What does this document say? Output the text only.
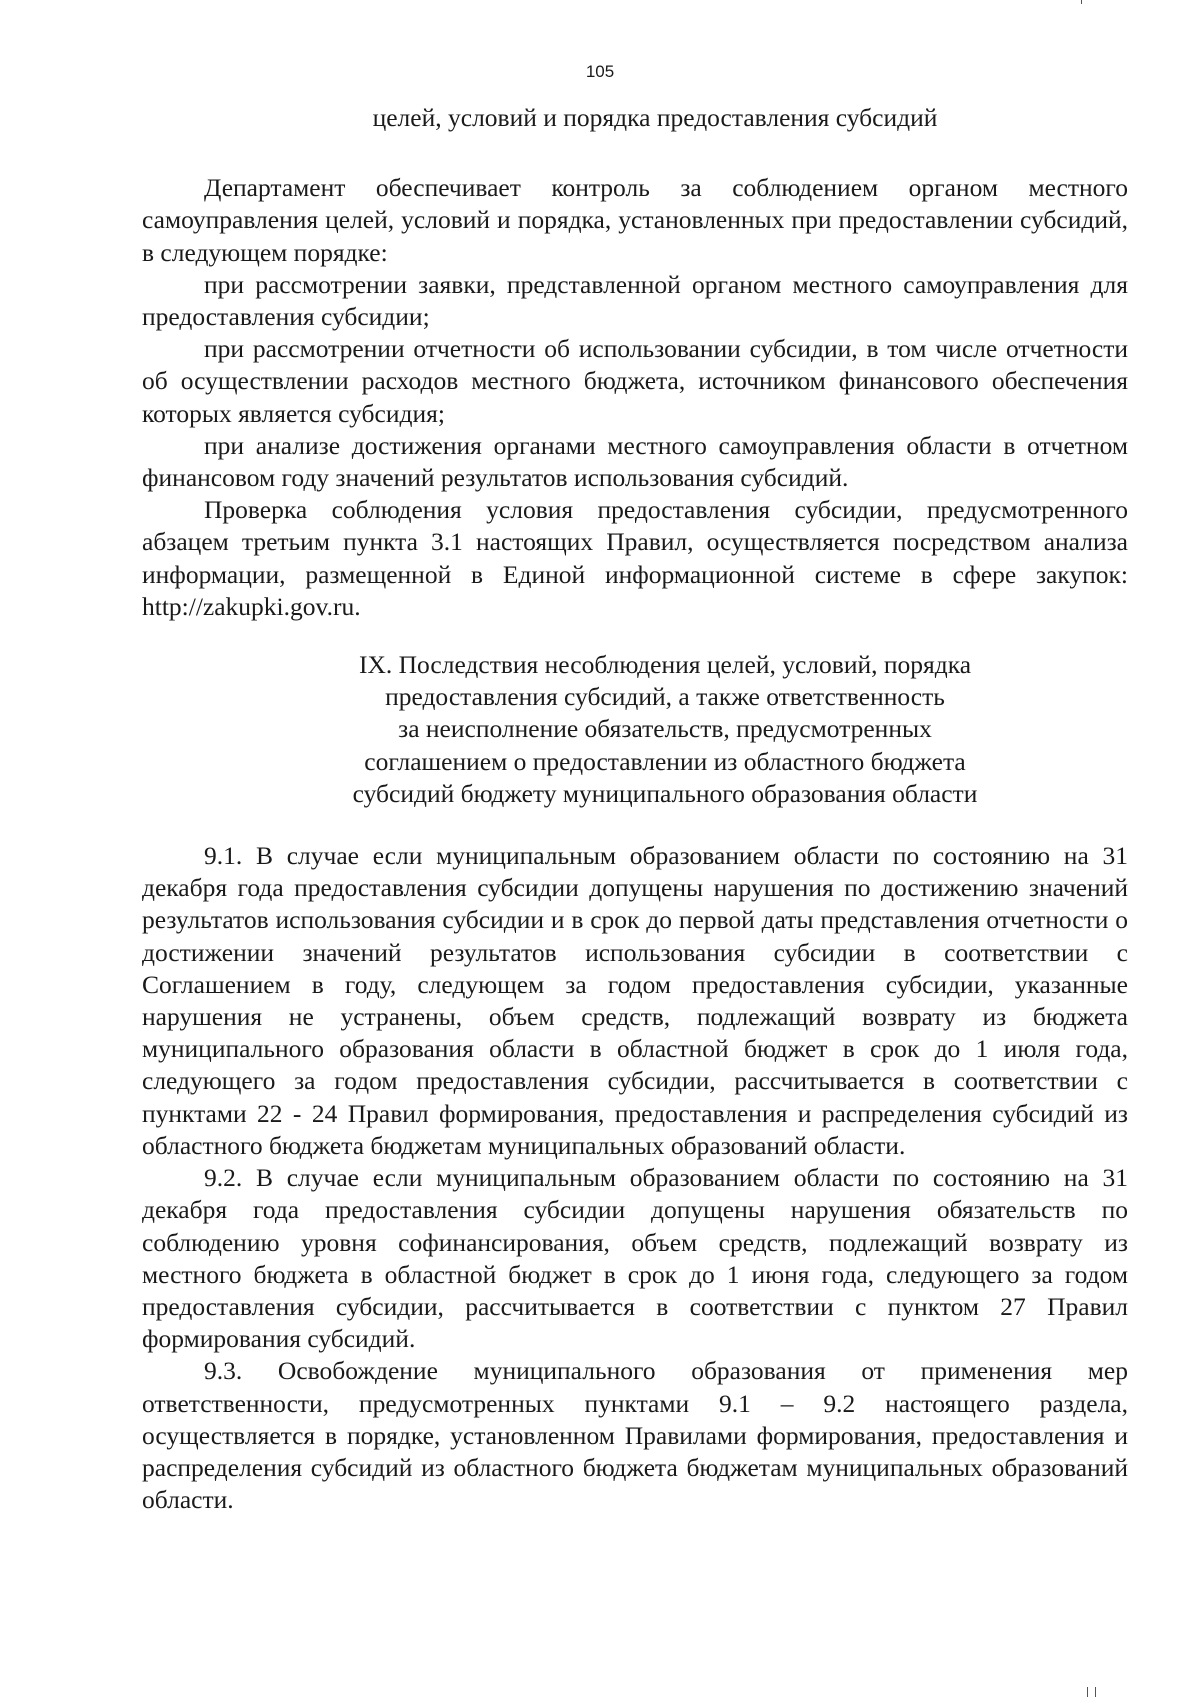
105
целей, условий и порядка предоставления субсидий

Департамент обеспечивает контроль за соблюдением органом местного самоуправления целей, условий и порядка, установленных при предоставлении субсидий, в следующем порядке:

при рассмотрении заявки, представленной органом местного самоуправления для предоставления субсидии;

при рассмотрении отчетности об использовании субсидии, в том числе отчетности об осуществлении расходов местного бюджета, источником финансового обеспечения которых является субсидия;

при анализе достижения органами местного самоуправления области в отчетном финансовом году значений результатов использования субсидий.

Проверка соблюдения условия предоставления субсидии, предусмотренного абзацем третьим пункта 3.1 настоящих Правил, осуществляется посредством анализа информации, размещенной в Единой информационной системе в сфере закупок: http://zakupki.gov.ru.

IX. Последствия несоблюдения целей, условий, порядка
предоставления субсидий, а также ответственность
за неисполнение обязательств, предусмотренных
соглашением о предоставлении из областного бюджета
субсидий бюджету муниципального образования области

9.1. В случае если муниципальным образованием области по состоянию на 31 декабря года предоставления субсидии допущены нарушения по достижению значений результатов использования субсидии и в срок до первой даты представления отчетности о достижении значений результатов использования субсидии в соответствии с Соглашением в году, следующем за годом предоставления субсидии, указанные нарушения не устранены, объем средств, подлежащий возврату из бюджета муниципального образования области в областной бюджет в срок до 1 июля года, следующего за годом предоставления субсидии, рассчитывается в соответствии с пунктами 22 - 24 Правил формирования, предоставления и распределения субсидий из областного бюджета бюджетам муниципальных образований области.

9.2. В случае если муниципальным образованием области по состоянию на 31 декабря года предоставления субсидии допущены нарушения обязательств по соблюдению уровня софинансирования, объем средств, подлежащий возврату из местного бюджета в областной бюджет в срок до 1 июня года, следующего за годом предоставления субсидии, рассчитывается в соответствии с пунктом 27 Правил формирования субсидий.

9.3. Освобождение муниципального образования от применения мер ответственности, предусмотренных пунктами 9.1 – 9.2 настоящего раздела, осуществляется в порядке, установленном Правилами формирования, предоставления и распределения субсидий из областного бюджета бюджетам муниципальных образований области.
